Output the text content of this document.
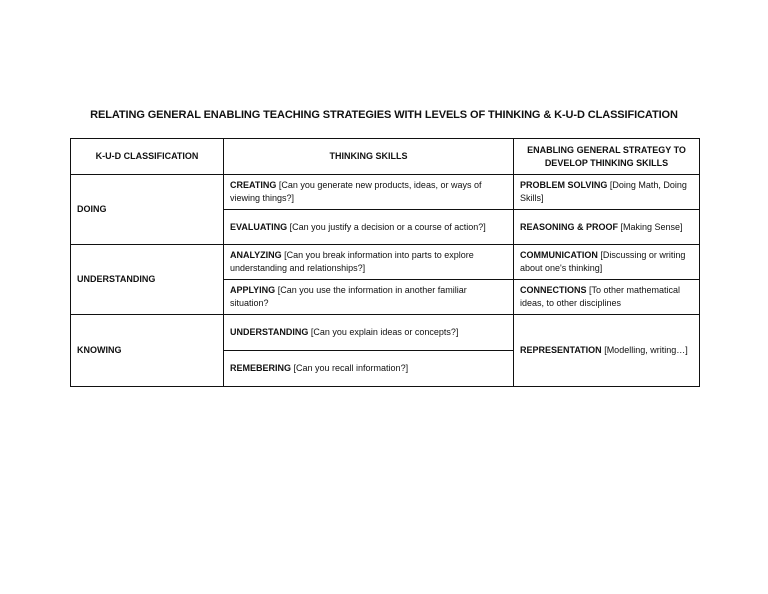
RELATING GENERAL ENABLING TEACHING STRATEGIES WITH LEVELS OF THINKING & K-U-D CLASSIFICATION
K-U-D CLASSIFICATION	THINKING SKILLS	ENABLING GENERAL STRATEGY TO DEVELOP THINKING SKILLS
DOING	CREATING [Can you generate new products, ideas, or ways of viewing things?]	PROBLEM SOLVING [Doing Math, Doing Skills]
	EVALUATING [Can you justify a decision or a course of action?]	REASONING & PROOF [Making Sense]
UNDERSTANDING	ANALYZING [Can you break information into parts to explore understanding and relationships?]	COMMUNICATION [Discussing or writing about one's thinking]
	APPLYING [Can you use the information in another familiar situation?	CONNECTIONS [To other mathematical ideas, to other disciplines
KNOWING	UNDERSTANDING [Can you explain ideas or concepts?]	REPRESENTATION [Modelling, writing…]
	REMEBERING [Can you recall information?]	
